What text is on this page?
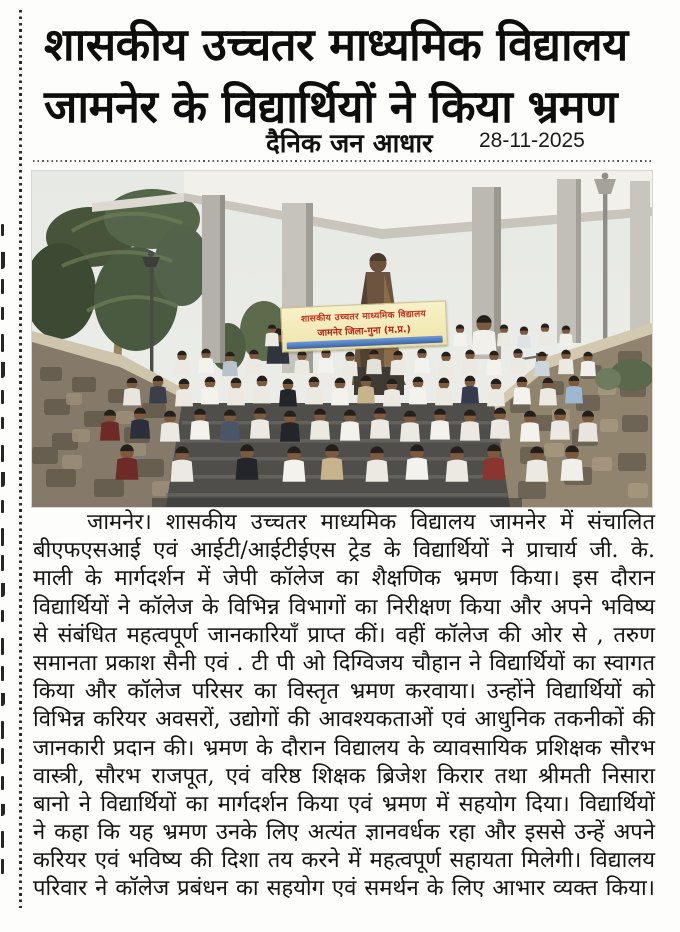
शासकीय उच्चतर माध्यमिक विद्यालय
जामनेर के विद्यार्थियों ने किया भ्रमण
दैनिक जन आधार 28-11-2025
शासकीय उच्चतर माध्यमिक विद्यालय
जामनेर जिला-गुना (म.प्र.)
जामनेर। शासकीय उच्चतर माध्यमिक विद्यालय जामनेर में संचालित
बीएफएसआई एवं आईटी/आईटीईएस ट्रेड के विद्यार्थियों ने प्राचार्य जी. के.
माली के मार्गदर्शन में जेपी कॉलेज का शैक्षणिक भ्रमण किया। इस दौरान
विद्यार्थियों ने कॉलेज के विभिन्न विभागों का निरीक्षण किया और अपने भविष्य
से संबंधित महत्वपूर्ण जानकारियाँ प्राप्त कीं। वहीं कॉलेज की ओर से , तरुण
समानता प्रकाश सैनी एवं . टी पी ओ दिग्विजय चौहान ने विद्यार्थियों का स्वागत
किया और कॉलेज परिसर का विस्तृत भ्रमण करवाया। उन्होंने विद्यार्थियों को
विभिन्न करियर अवसरों, उद्योगों की आवश्यकताओं एवं आधुनिक तकनीकों की
जानकारी प्रदान की। भ्रमण के दौरान विद्यालय के व्यावसायिक प्रशिक्षक सौरभ
वास्त्री, सौरभ राजपूत, एवं वरिष्ठ शिक्षक ब्रिजेश किरार तथा श्रीमती निसारा
बानो ने विद्यार्थियों का मार्गदर्शन किया एवं भ्रमण में सहयोग दिया। विद्यार्थियों
ने कहा कि यह भ्रमण उनके लिए अत्यंत ज्ञानवर्धक रहा और इससे उन्हें अपने
करियर एवं भविष्य की दिशा तय करने में महत्वपूर्ण सहायता मिलेगी। विद्यालय
परिवार ने कॉलेज प्रबंधन का सहयोग एवं समर्थन के लिए आभार व्यक्त किया।
